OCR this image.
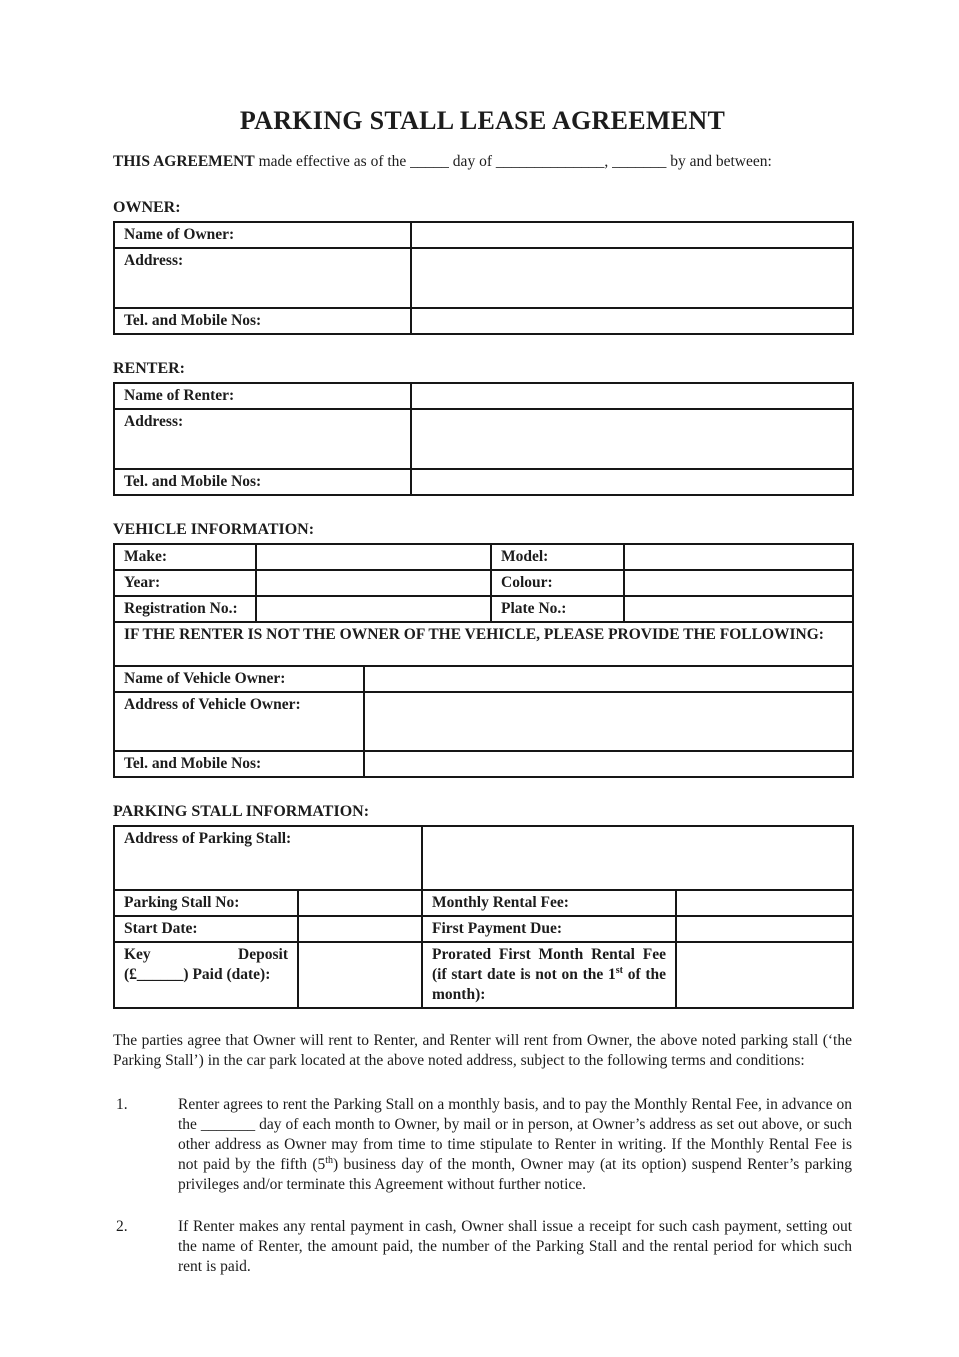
PARKING STALL LEASE AGREEMENT
THIS AGREEMENT made effective as of the _____ day of ______________, _______ by and between:
OWNER:
Name of Owner:	
Address:	
Tel. and Mobile Nos:	
RENTER:
Name of Renter:	
Address:	
Tel. and Mobile Nos:	
VEHICLE INFORMATION:
Make:			Model:	
Year:			Colour:	
Registration No.:			Plate No.:	
IF THE RENTER IS NOT THE OWNER OF THE VEHICLE, PLEASE PROVIDE THE FOLLOWING:				
Name of Vehicle Owner:				
Address of Vehicle Owner:				
Tel. and Mobile Nos:				
PARKING STALL INFORMATION:
Address of Parking Stall:			
Parking Stall No:		Monthly Rental Fee:	
Start Date:		First Payment Due:	

Key Deposit
(£______) Paid (date):		Prorated First Month Rental Fee (if start date is not on the 1st of the month):	
The parties agree that Owner will rent to Renter, and Renter will rent from Owner, the above noted parking stall (‘the Parking Stall’) in the car park located at the above noted address, subject to the following terms and conditions:
1.	Renter agrees to rent the Parking Stall on a monthly basis, and to pay the Monthly Rental Fee, in advance on the _______ day of each month to Owner, by mail or in person, at Owner’s address as set out above, or such other address as Owner may from time to time stipulate to Renter in writing. If the Monthly Rental Fee is not paid by the fifth (5th) business day of the month, Owner may (at its option) suspend Renter’s parking privileges and/or terminate this Agreement without further notice.
2.	If Renter makes any rental payment in cash, Owner shall issue a receipt for such cash payment, setting out the name of Renter, the amount paid, the number of the Parking Stall and the rental period for which such rent is paid.
